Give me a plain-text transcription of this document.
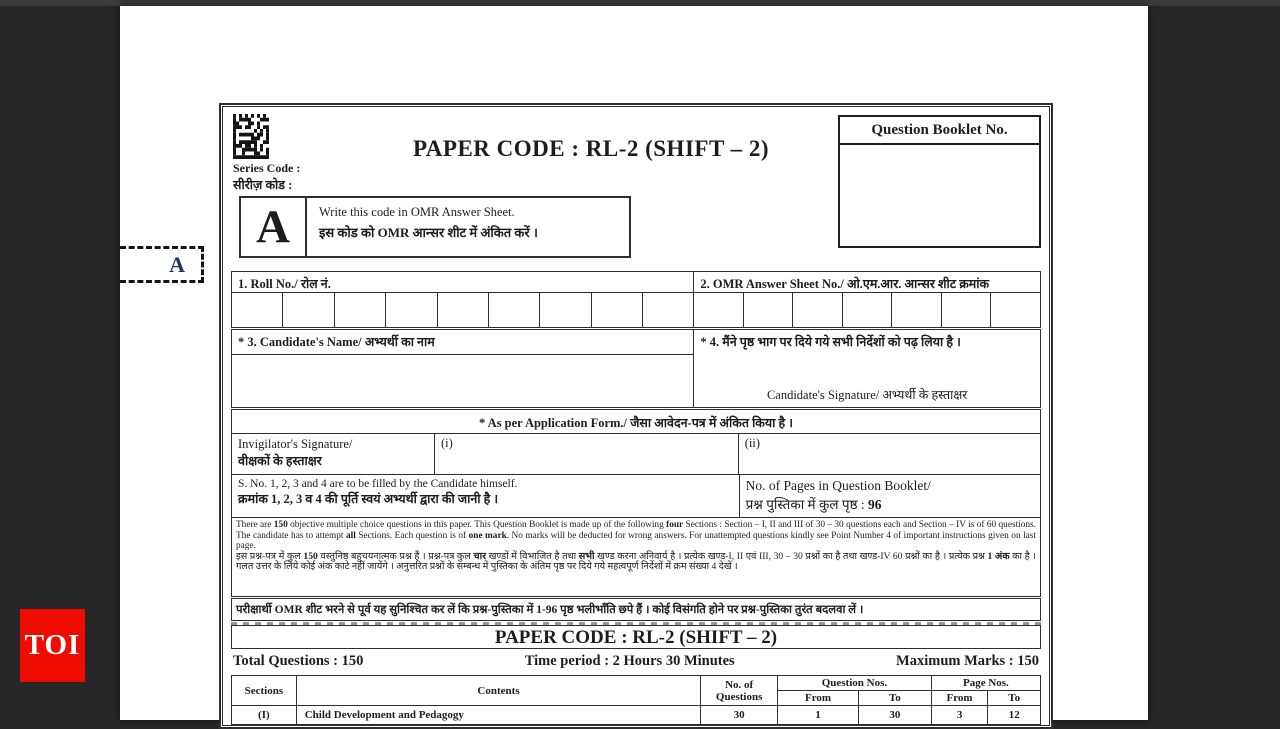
TOI
A
Series Code :
सीरीज़ कोड :
PAPER CODE : RL-2 (SHIFT – 2)
Question Booklet No.
A	Write this code in OMR Answer Sheet.
इस कोड को OMR आन्सर शीट में अंकित करें ।
1. Roll No./ रोल नं.	2. OMR Answer Sheet No./ ओ.एम.आर. आन्सर शीट क्रमांक
* 3. Candidate's Name/ अभ्यर्थी का नाम	* 4. मैंने पृष्ठ भाग पर दिये गये सभी निर्देशों को पढ़ लिया है ।
Candidate's Signature/ अभ्यर्थी के हस्ताक्षर
* As per Application Form./ जैसा आवेदन-पत्र में अंकित किया है ।
Invigilator's Signature/
वीक्षकों के हस्ताक्षर
(i)	(ii)
S. No. 1, 2, 3 and 4 are to be filled by the Candidate himself.
क्रमांक 1, 2, 3 व 4 की पूर्ति स्वयं अभ्यर्थी द्वारा की जानी है ।
No. of Pages in Question Booklet/
प्रश्न पुस्तिका में कुल पृष्ठ : 96
There are 150 objective multiple choice questions in this paper. This Question Booklet is made up of the following four Sections : Section – I, II and III of 30 – 30 questions each and Section – IV is of 60 questions. The candidate has to attempt all Sections. Each question is of one mark. No marks will be deducted for wrong answers. For unattempted questions kindly see Point Number 4 of important instructions given on last page.
इस प्रश्न-पत्र में कुल 150 वस्तुनिष्ठ बहुचयनात्मक प्रश्न हैं । प्रश्न-पत्र कुल चार खण्डों में विभाजित है तथा सभी खण्ड करना अनिवार्य है । प्रत्येक खण्ड-I, II एवं III, 30 – 30 प्रश्नों का है तथा खण्ड-IV 60 प्रश्नों का है । प्रत्येक प्रश्न 1 अंक का है । गलत उत्तर के लिये कोई अंक काटे नहीं जायेंगे । अनुत्तरित प्रश्नों के सम्बन्ध में पुस्तिका के अंतिम पृष्ठ पर दिये गये महत्वपूर्ण निर्देशों में क्रम संख्या 4 देखें ।
परीक्षार्थी OMR शीट भरने से पूर्व यह सुनिश्चित कर लें कि प्रश्न-पुस्तिका में 1-96 पृष्ठ भलीभाँति छपे हैं । कोई विसंगति होने पर प्रश्न-पुस्तिका तुरंत बदलवा लें ।
PAPER CODE : RL-2 (SHIFT – 2)
Total Questions : 150	Time period : 2 Hours 30 Minutes	Maximum Marks : 150
Sections	Contents	No. of Questions	Question Nos.		Page Nos.	
			From	To	From	To
(I)	Child Development and Pedagogy	30	1	30	3	12
